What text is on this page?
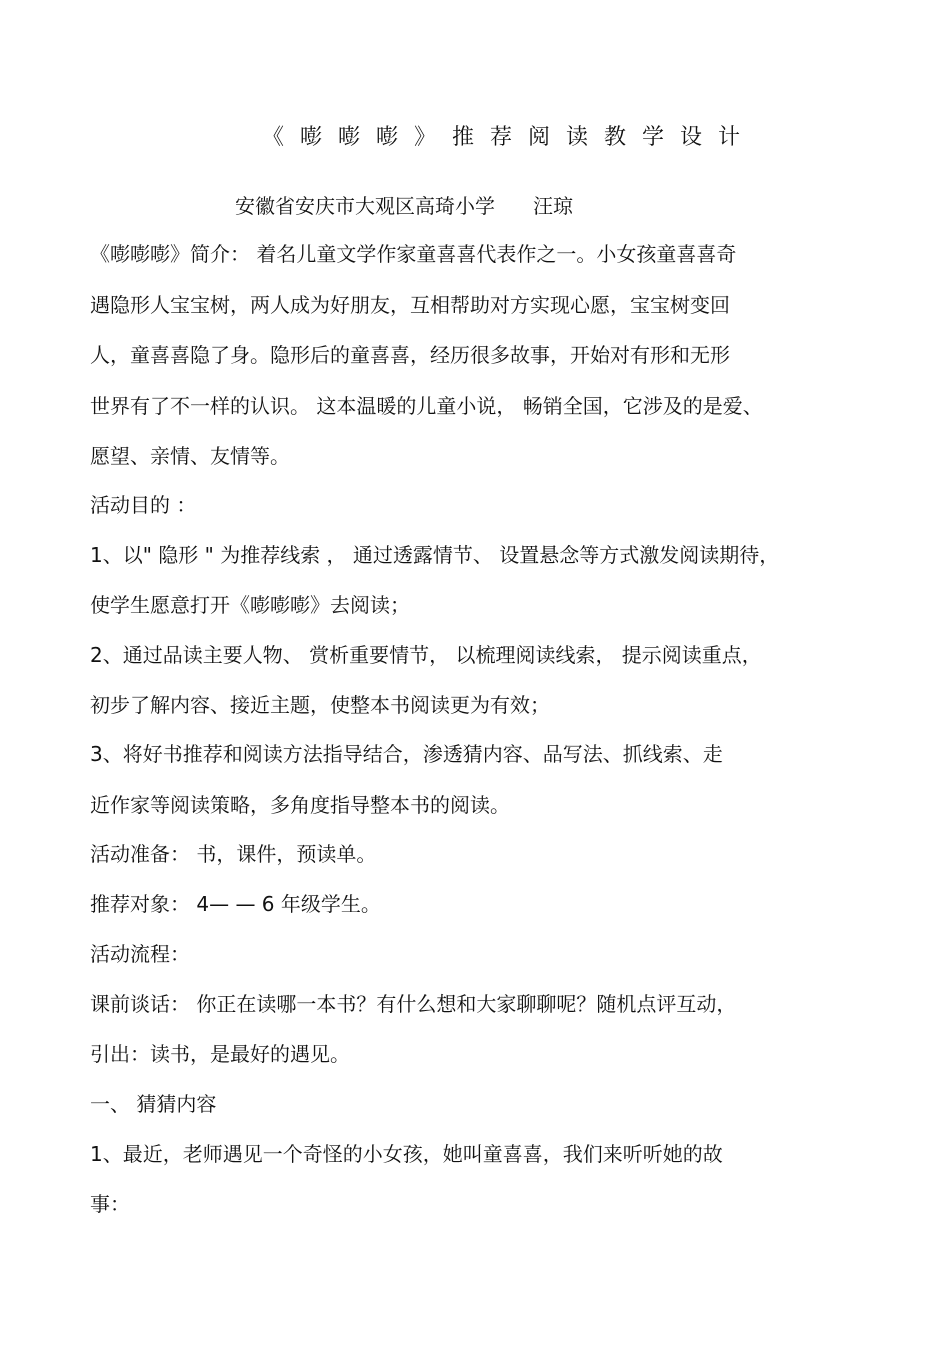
《嘭嘭嘭》推荐阅读教学设计
安徽省安庆市大观区高琦小学 汪琼
《嘭嘭嘭》简介： 着名儿童文学作家童喜喜代表作之一。小女孩童喜喜奇
遇隐形人宝宝树，两人成为好朋友，互相帮助对方实现心愿，宝宝树变回
人，童喜喜隐了身。隐形后的童喜喜，经历很多故事，开始对有形和无形
世界有了不一样的认识。 这本温暖的儿童小说， 畅销全国，它涉及的是爱、
愿望、亲情、友情等。
活动目的 ：
1、以" 隐形 " 为推荐线索 ， 通过透露情节、 设置悬念等方式激发阅读期待，
使学生愿意打开《嘭嘭嘭》去阅读；
2、通过品读主要人物、 赏析重要情节， 以梳理阅读线索， 提示阅读重点，
初步了解内容、接近主题，使整本书阅读更为有效；
3、将好书推荐和阅读方法指导结合，渗透猜内容、品写法、抓线索、走
近作家等阅读策略，多角度指导整本书的阅读。
活动准备： 书，课件，预读单。
推荐对象： 4— — 6 年级学生。
活动流程：
课前谈话： 你正在读哪一本书？有什么想和大家聊聊呢？随机点评互动，
引出：读书，是最好的遇见。
一、 猜猜内容
1、最近，老师遇见一个奇怪的小女孩，她叫童喜喜，我们来听听她的故
事：
